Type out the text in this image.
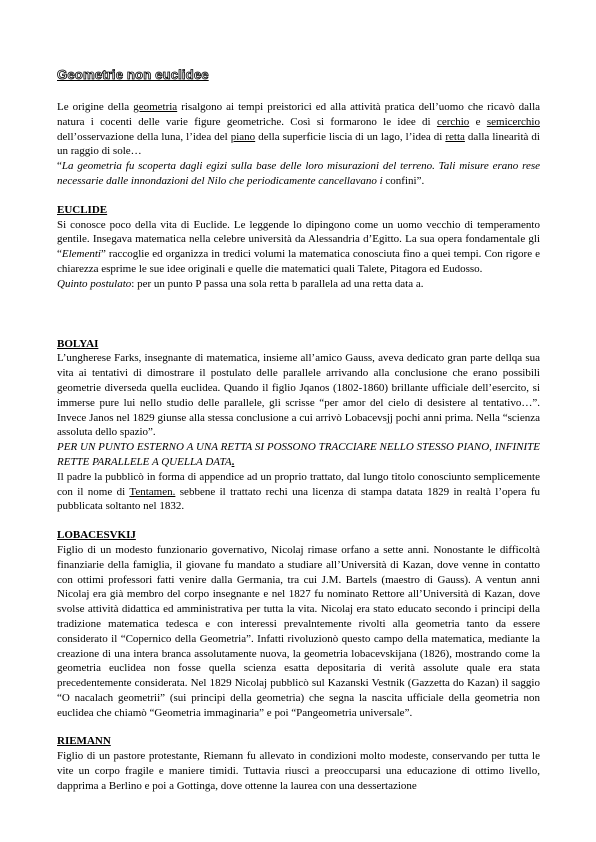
Geometrie non euclidee

Le origine della geometria risalgono ai tempi preistorici ed alla attività pratica dell’uomo che ricavò dalla natura i cocenti delle varie figure geometriche. Così si formarono le idee di cerchio e semicerchio dell’osservazione della luna, l’idea del piano della superficie liscia di un lago, l’idea di retta dalla linearità di un raggio di sole…

“La geometria fu scoperta dagli egizi sulla base delle loro misurazioni del terreno. Tali misure erano rese necessarie dalle innondazioni del Nilo che periodicamente cancellavano i confini”.

EUCLIDE

Si conosce poco della vita di Euclide. Le leggende lo dipingono come un uomo vecchio di temperamento gentile. Insegava matematica nella celebre università da Alessandria d’Egitto. La sua opera fondamentale gli “Elementi” raccoglie ed organizza in tredici volumi la matematica conosciuta fino a quei tempi. Con rigore e chiarezza esprime le sue idee originali e quelle die matematici quali Talete, Pitagora ed Eudosso.

Quinto postulato: per un punto P passa una sola retta b parallela ad una retta data a.

BOLYAI

L’ungherese Farks, insegnante di matematica, insieme all’amico Gauss, aveva dedicato gran parte dellqa sua vita ai tentativi di dimostrare il postulato delle parallele arrivando alla conclusione che erano possibili geometrie diverseda quella euclidea. Quando il figlio Jqanos (1802-1860) brillante ufficiale dell’esercito, si immerse pure lui nello studio delle parallele, gli scrisse “per amor del cielo di desistere al tentativo…”. Invece Janos nel 1829 giunse alla stessa conclusione a cui arrivò Lobacevsjj pochi anni prima. Nella “scienza assoluta dello spazio”.

PER UN PUNTO ESTERNO A UNA RETTA SI POSSONO TRACCIARE NELLO STESSO PIANO, INFINITE RETTE PARALLELE A QUELLA DATA.

Il padre la pubblicò in forma di appendice ad un proprio trattato, dal lungo titolo conosciunto semplicemente con il nome di Tentamen. sebbene il trattato rechi una licenza di stampa datata 1829 in realtà l’opera fu pubblicata soltanto nel 1832.

LOBACESVKIJ

Figlio di un modesto funzionario governativo, Nicolaj rimase orfano a sette anni. Nonostante le difficoltà finanziarie della famiglia, il giovane fu mandato a studiare all’Università di Kazan, dove venne in contatto con ottimi professori fatti venire dalla Germania, tra cui J.M. Bartels (maestro di Gauss). A ventun anni Nicolaj era già membro del corpo insegnante e nel 1827 fu nominato Rettore all’Università di Kazan, dove svolse attività didattica ed amministrativa per tutta la vita. Nicolaj era stato educato secondo i principi della tradizione matematica tedesca e con interessi prevalntemente rivolti alla geometria tanto da essere considerato il “Copernico della Geometria”. Infatti rivoluzionò questo campo della matematica, mediante la creazione di una intera branca assolutamente nuova, la geometria lobacevskijana (1826), mostrando come la geometria euclidea non fosse quella scienza esatta depositaria di verità assolute quale era stata precedentemente considerata. Nel 1829 Nicolaj pubblicò sul Kazanski Vestnik (Gazzetta do Kazan) il saggio “O nacalach geometrii” (sui principi della geometria) che segna la nascita ufficiale della geometria non euclidea che chiamò “Geometria immaginaria” e poi “Pangeometria universale”.

RIEMANN

Figlio di un pastore protestante, Riemann fu allevato in condizioni molto modeste, conservando per tutta le vite un corpo fragile e maniere timidi. Tuttavia riuscì a preoccuparsi una educazione di ottimo livello, dapprima a Berlino e poi a Gottinga, dove ottenne la laurea con una dessertazione
